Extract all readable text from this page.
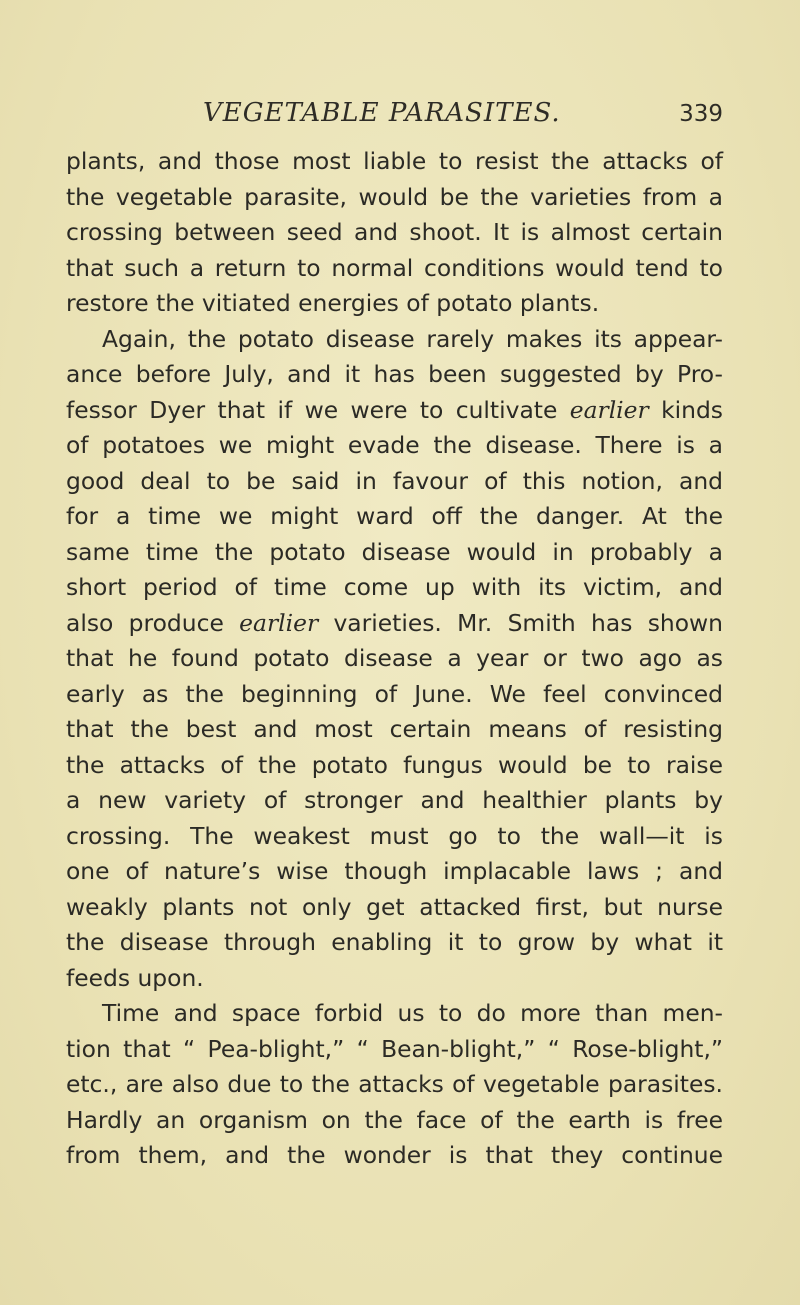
VEGETABLE PARASITES.	339
plants, and those most liable to resist the attacks of
the vegetable parasite, would be the varieties from a
crossing between seed and shoot. It is almost certain
that such a return to normal conditions would tend to
restore the vitiated energies of potato plants.
Again, the potato disease rarely makes its appear-
ance before July, and it has been suggested by Pro-
fessor Dyer that if we were to cultivate earlier kinds
of potatoes we might evade the disease. There is a
good deal to be said in favour of this notion, and
for a time we might ward off the danger. At the
same time the potato disease would in probably a
short period of time come up with its victim, and
also produce earlier varieties. Mr. Smith has shown
that he found potato disease a year or two ago as
early as the beginning of June. We feel convinced
that the best and most certain means of resisting
the attacks of the potato fungus would be to raise
a new variety of stronger and healthier plants by
crossing. The weakest must go to the wall—it is
one of nature’s wise though implacable laws ; and
weakly plants not only get attacked first, but nurse
the disease through enabling it to grow by what it
feeds upon.
Time and space forbid us to do more than men-
tion that “ Pea-blight,” “ Bean-blight,” “ Rose-blight,”
etc., are also due to the attacks of vegetable parasites.
Hardly an organism on the face of the earth is free
from them, and the wonder is that they continue
